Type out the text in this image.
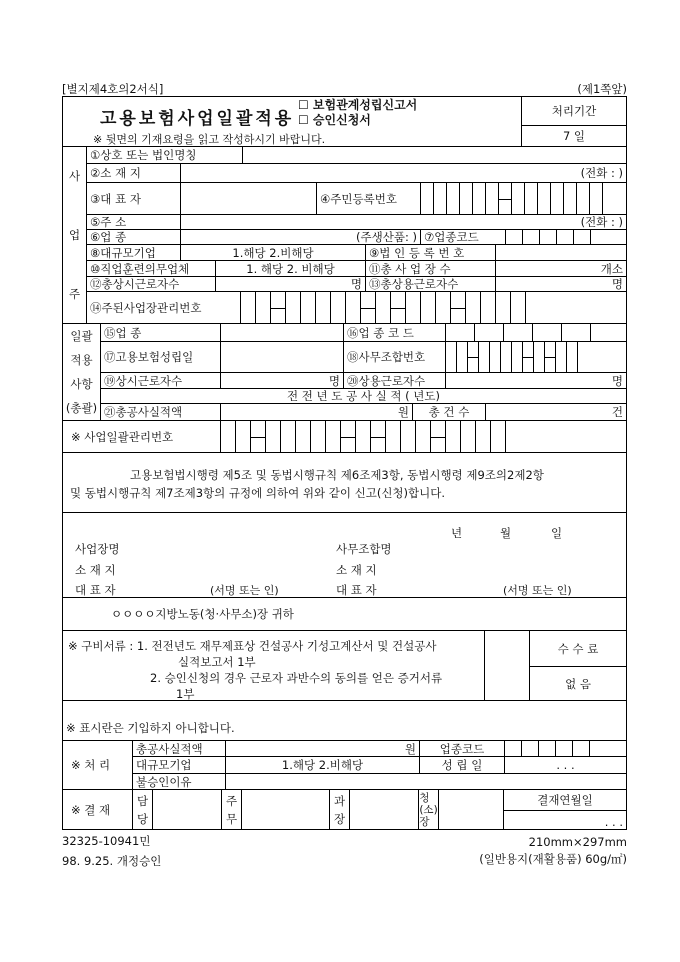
[별지제4호의2서식]	(제1쪽앞)
고용보험사업일괄적용
☐ 보험관계성립신고서
☐ 승인신청서
※ 뒷면의 기재요령을 읽고 작성하시기 바랍니다.
처리기간
7 일
사
업
주
①상호 또는 법인명칭
②소 재 지	(전화 : )
③대 표 자	④주민등록번호
⑤주 소	(전화 : )
⑥업 종	(주생산품: ) ⑦업종코드
⑧대규모기업	1.해당 2.비해당	⑨법 인 등 록 번 호
⑩직업훈련의무업체	1. 해당 2. 비해당	⑪총 사 업 장 수	개소
⑫총상시근로자수	명 ⑬총상용근로자수	명
⑭주된사업장관리번호
일괄
적용
사항
(총괄)
⑮업 종	⑯업 종 코 드
⑰고용보험성립일	⑱사무조합번호
⑲상시근로자수	명 ⑳상용근로자수	명
전 전 년 도 공 사 실 적 ( 년도)
㉑총공사실적액	원	총 건 수	건
※ 사업일괄관리번호
고용보험법시행령 제5조 및 동법시행규칙 제6조제3항, 동법시행령 제9조의2제2항
및 동법시행규칙 제7조제3항의 규정에 의하여 위와 같이 신고(신청)합니다.
년	월	일
사업장명
소 재 지
대 표 자	(서명 또는 인)
사무조합명
소 재 지
대 표 자	(서명 또는 인)
ㅇㅇㅇㅇ지방노동(청·사무소)장 귀하
※ 구비서류 : 1. 전전년도 재무제표상 건설공사 기성고계산서 및 건설공사
실적보고서 1부
2. 승인신청의 경우 근로자 과반수의 동의를 얻은 증거서류
1부
수 수 료
없 음
※ 표시란은 기입하지 아니합니다.
※ 처 리
총공사실적액	원	업종코드
대규모기업	1.해당 2.비해당	성 립 일	. . .
불승인이유
※ 결 재
담
당
주
무
과
장
청
(소)
장
결재연월일
. . .
32325-10941민
98. 9.25. 개정승인
210mm×297mm
(일반용지(재활용품) 60g/㎡)
